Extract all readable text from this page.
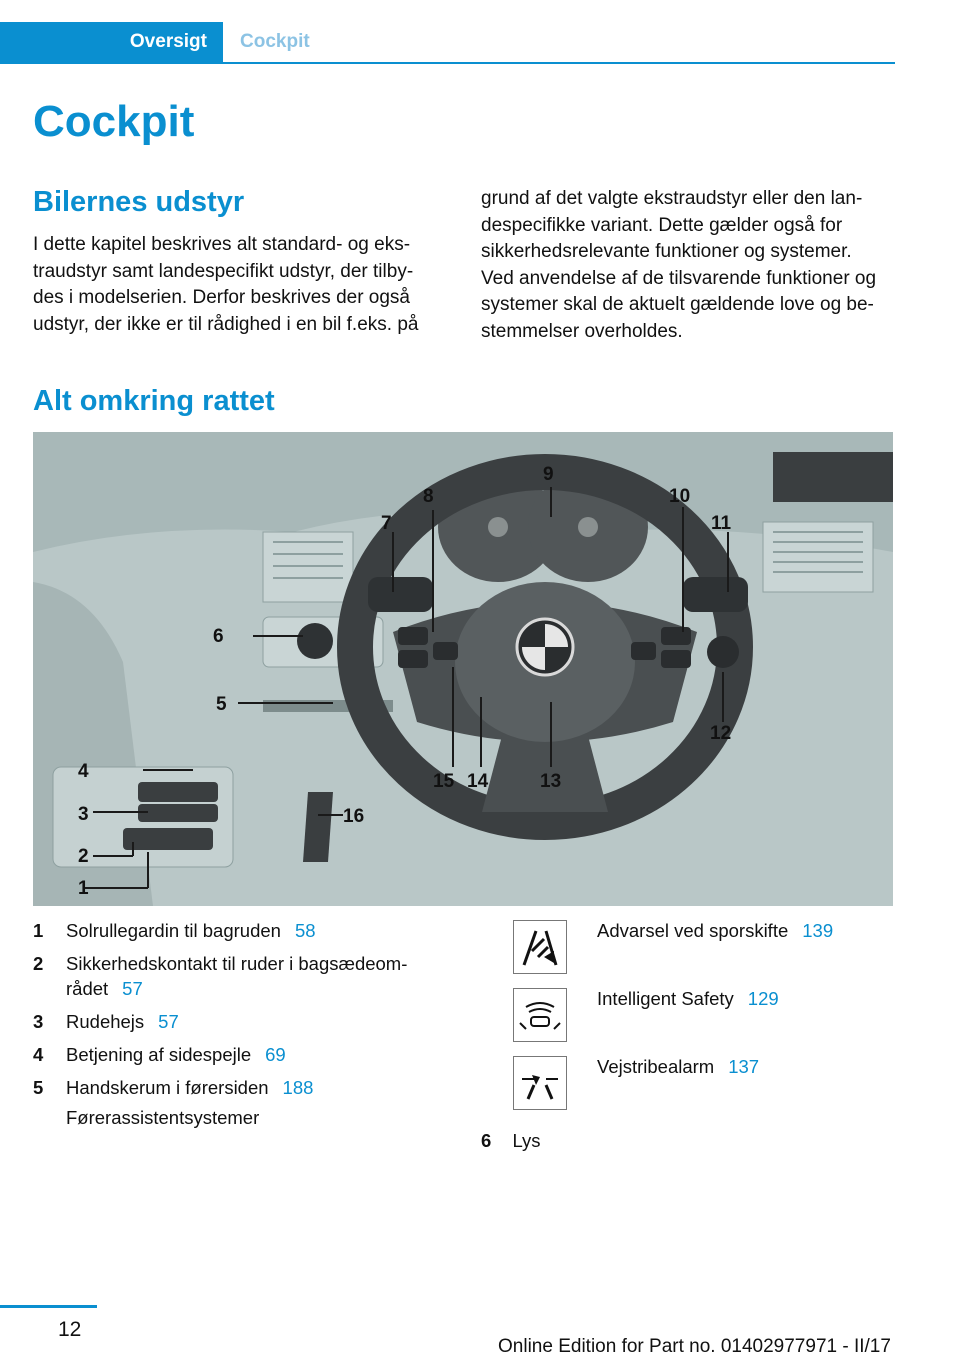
Oversigt	Cockpit
Cockpit
Bilernes udstyr
I dette kapitel beskrives alt standard- og eks‐
traudstyr samt landespecifikt udstyr, der tilby‐
des i modelserien. Derfor beskrives der også
udstyr, der ikke er til rådighed i en bil f.eks. på
grund af det valgte ekstraudstyr eller den lan‐
despecifikke variant. Dette gælder også for
sikkerhedsrelevante funktioner og systemer.
Ved anvendelse af de tilsvarende funktioner og
systemer skal de aktuelt gældende love og be‐
stemmelser overholdes.
Alt omkring rattet
1
2
3
4
5
6
7
8
9
10
11
12
13
14
15
16
1 Solrullegardin til bagruden 58
2 Sikkerhedskontakt til ruder i bagsædeom‐
rådet 57
3 Rudehejs 57
4 Betjening af sidespejle 69
5 Handskerum i førersiden 188
Førerassistentsystemer
Advarsel ved sporskifte 139
Intelligent Safety 129
Vejstribealarm 137
6 Lys
12
Online Edition for Part no. 01402977971 - II/17
